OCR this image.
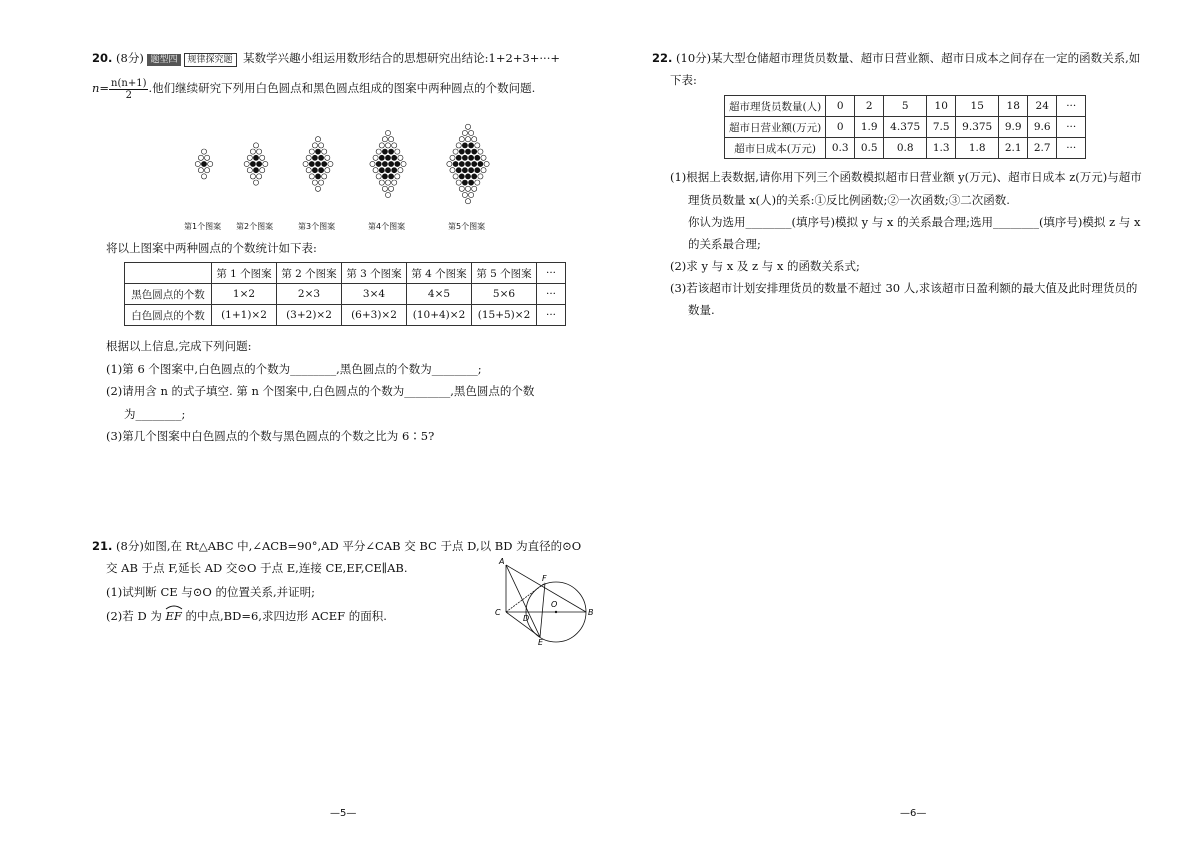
20. (8分) 题型四 规律探究题 某数学兴趣小组运用数形结合的思想研究出结论:1+2+3+···+
$n= \frac{n(n+1)}{2}$ .他们继续研究下列用白色圆点和黑色圆点组成的图案中两种圆点的个数问题.
第1个图案 第2个图案	第3个图案	第4个图案	第5个图案
将以上图案中两种圆点的个数统计如下表:
	第 1 个图案	第 2 个图案	第 3 个图案	第 4 个图案	第 5 个图案	···
黑色圆点的个数	1×2	2×3	3×4	4×5	5×6	···
白色圆点的个数	(1+1)×2	(3+2)×2	(6+3)×2	(10+4)×2	(15+5)×2	···
根据以上信息,完成下列问题:
(1)第 6 个图案中,白色圆点的个数为________,黑色圆点的个数为________;
(2)请用含 n 的式子填空. 第 n 个图案中,白色圆点的个数为________,黑色圆点的个数
为________;
(3)第几个图案中白色圆点的个数与黑色圆点的个数之比为 6∶5?
21. (8分)如图,在 Rt△ABC 中,∠ACB=90°,AD 平分∠CAB 交 BC 于点 D,以 BD 为直径的⊙O
交 AB 于点 F,延长 AD 交⊙O 于点 E,连接 CE,EF,CE∥AB.
(1)试判断 CE 与⊙O 的位置关系,并证明;
(2)若 D 为 EF 的中点,BD=6,求四边形 ACEF 的面积.
A
F
C
D
O
B
E
—5—
22. (10分)某大型仓储超市理货员数量、超市日营业额、超市日成本之间存在一定的函数关系,如
下表:
超市理货员数量(人)	0	2	5	10	15	18	24	···
超市日营业额(万元)	0	1.9	4.375	7.5	9.375	9.9	9.6	···
超市日成本(万元)	0.3	0.5	0.8	1.3	1.8	2.1	2.7	···
(1)根据上表数据,请你用下列三个函数模拟超市日营业额 y(万元)、超市日成本 z(万元)与超市
理货员数量 x(人)的关系:①反比例函数;②一次函数;③二次函数.
你认为选用________(填序号)模拟 y 与 x 的关系最合理;选用________(填序号)模拟 z 与 x
的关系最合理;
(2)求 y 与 x 及 z 与 x 的函数关系式;
(3)若该超市计划安排理货员的数量不超过 30 人,求该超市日盈利额的最大值及此时理货员的
数量.
—6—
